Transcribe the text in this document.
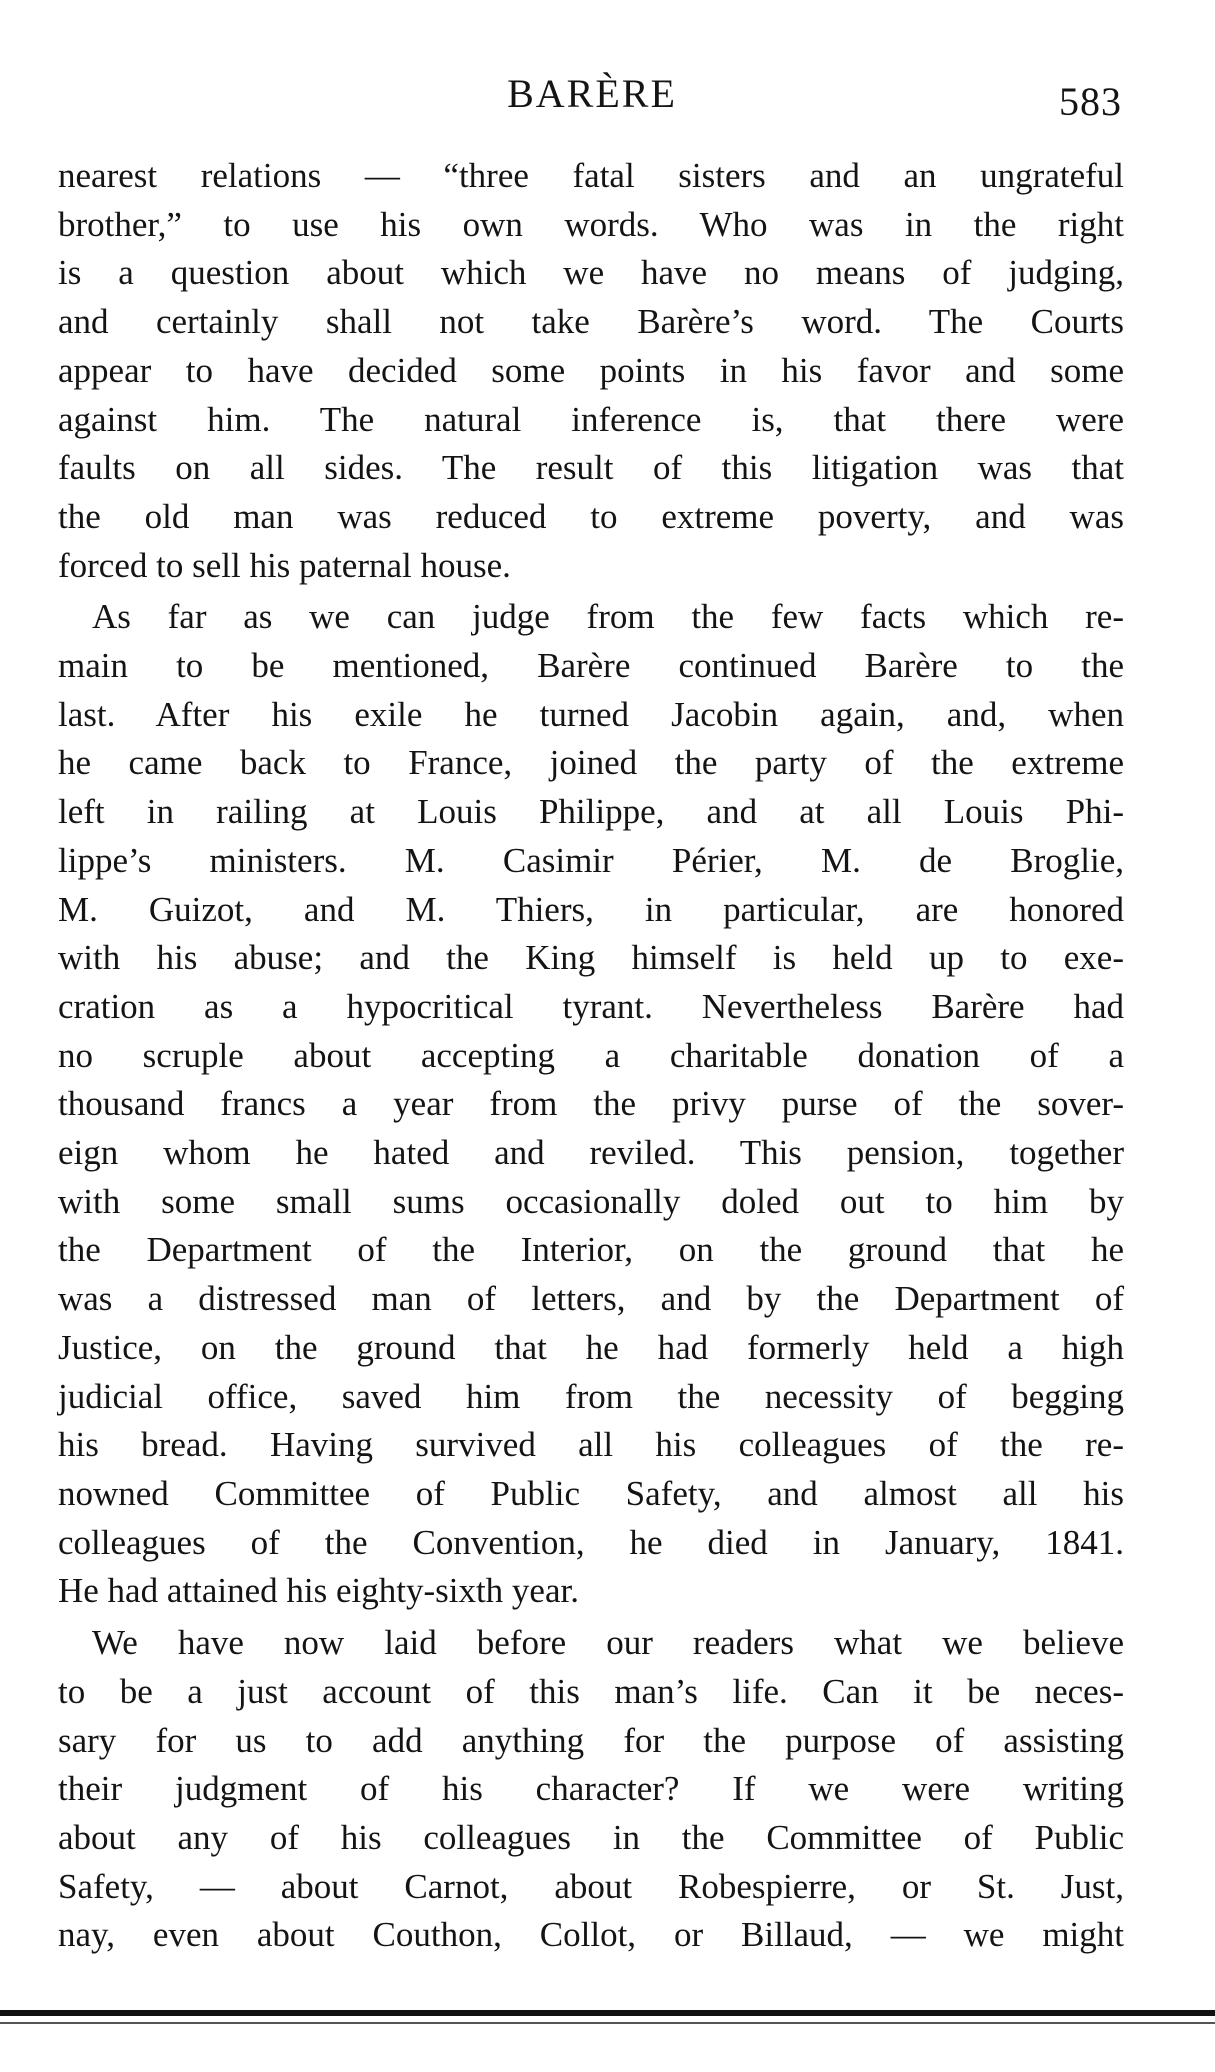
BARÈRE	583

nearest relations — “three fatal sisters and an ungrateful
brother,” to use his own words. Who was in the right
is a question about which we have no means of judging,
and certainly shall not take Barère’s word. The Courts
appear to have decided some points in his favor and some
against him. The natural inference is, that there were
faults on all sides. The result of this litigation was that
the old man was reduced to extreme poverty, and was
forced to sell his paternal house.

As far as we can judge from the few facts which re-
main to be mentioned, Barère continued Barère to the
last. After his exile he turned Jacobin again, and, when
he came back to France, joined the party of the extreme
left in railing at Louis Philippe, and at all Louis Phi-
lippe’s ministers. M. Casimir Périer, M. de Broglie,
M. Guizot, and M. Thiers, in particular, are honored
with his abuse; and the King himself is held up to exe-
cration as a hypocritical tyrant. Nevertheless Barère had
no scruple about accepting a charitable donation of a
thousand francs a year from the privy purse of the sover-
eign whom he hated and reviled. This pension, together
with some small sums occasionally doled out to him by
the Department of the Interior, on the ground that he
was a distressed man of letters, and by the Department of
Justice, on the ground that he had formerly held a high
judicial office, saved him from the necessity of begging
his bread. Having survived all his colleagues of the re-
nowned Committee of Public Safety, and almost all his
colleagues of the Convention, he died in January, 1841.
He had attained his eighty-sixth year.

We have now laid before our readers what we believe
to be a just account of this man’s life. Can it be neces-
sary for us to add anything for the purpose of assisting
their judgment of his character? If we were writing
about any of his colleagues in the Committee of Public
Safety, — about Carnot, about Robespierre, or St. Just,
nay, even about Couthon, Collot, or Billaud, — we might
